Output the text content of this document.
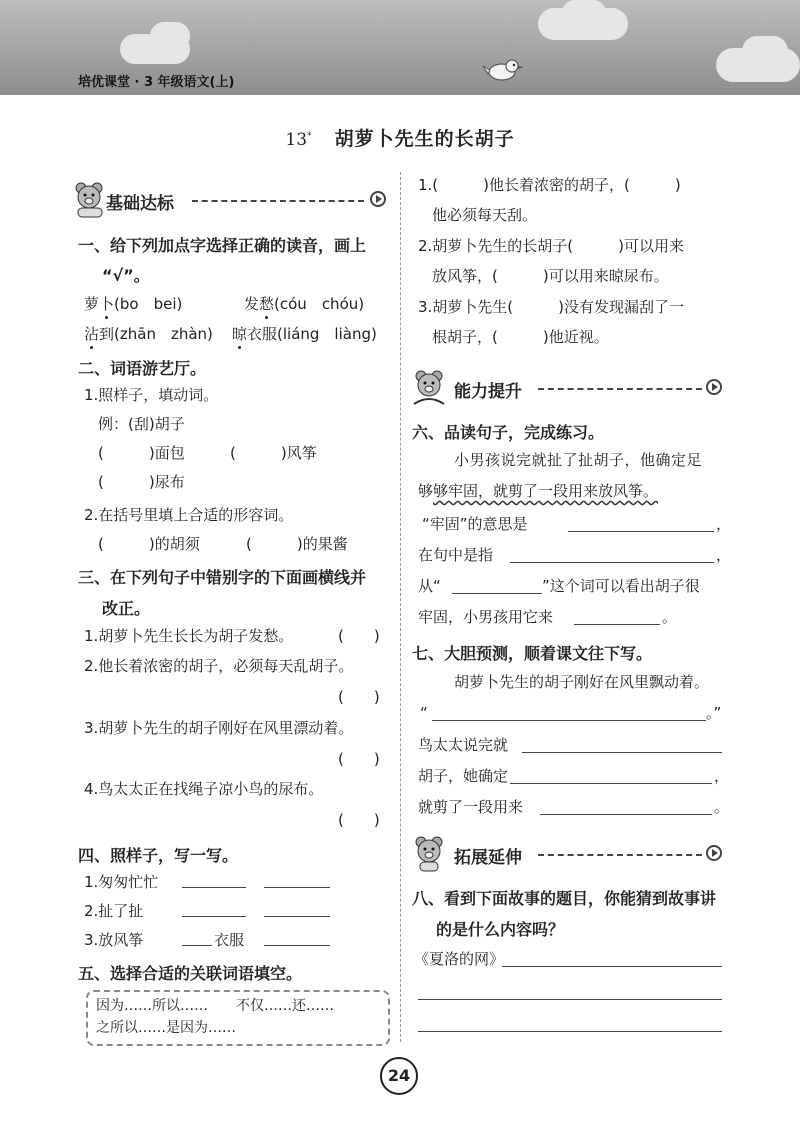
培优课堂 · 3 年级语文(上)
13* 胡萝卜先生的长胡子
基础达标
一、给下列加点字选择正确的读音，画上
“√”。
萝卜(bo　bei)	发愁(cóu　chóu)
沾到(zhān　zhàn) 晾衣服(liáng　liàng)
二、词语游艺厅。
1.照样子，填动词。
例：(刮)胡子
(　　　)面包	(　　　)风筝
(　　　)尿布
2.在括号里填上合适的形容词。
(　　　)的胡须	(　　　)的果酱
三、在下列句子中错别字的下面画横线并
改正。
1.胡萝卜先生长长为胡子发愁。	(　　)
2.他长着浓密的胡子，必须每天乱胡子。
(　　)
3.胡萝卜先生的胡子刚好在风里漂动着。
(　　)
4.鸟太太正在找绳子凉小鸟的尿布。
(　　)
四、照样子，写一写。
1.匆匆忙忙
2.扯了扯
3.放风筝	衣服
五、选择合适的关联词语填空。
因为……所以……　　不仅……还……
之所以……是因为……
1.(　　　)他长着浓密的胡子，(　　　)
他必须每天刮。
2.胡萝卜先生的长胡子(　　　)可以用来
放风筝，(　　　)可以用来晾尿布。
3.胡萝卜先生(　　　)没有发现漏刮了一
根胡子，(　　　)他近视。
能力提升
六、品读句子，完成练习。
小男孩说完就扯了扯胡子，他确定足
够够牢固，就剪了一段用来放风筝。
“牢固”的意思是	，
在句中是指	，
从“	”这个词可以看出胡子很
牢固，小男孩用它来	。
七、大胆预测，顺着课文往下写。
胡萝卜先生的胡子刚好在风里飘动着。
“	。”
鸟太太说完就
胡子，她确定	，
就剪了一段用来	。
拓展延伸
八、看到下面故事的题目，你能猜到故事讲
的是什么内容吗？
《夏洛的网》
24
